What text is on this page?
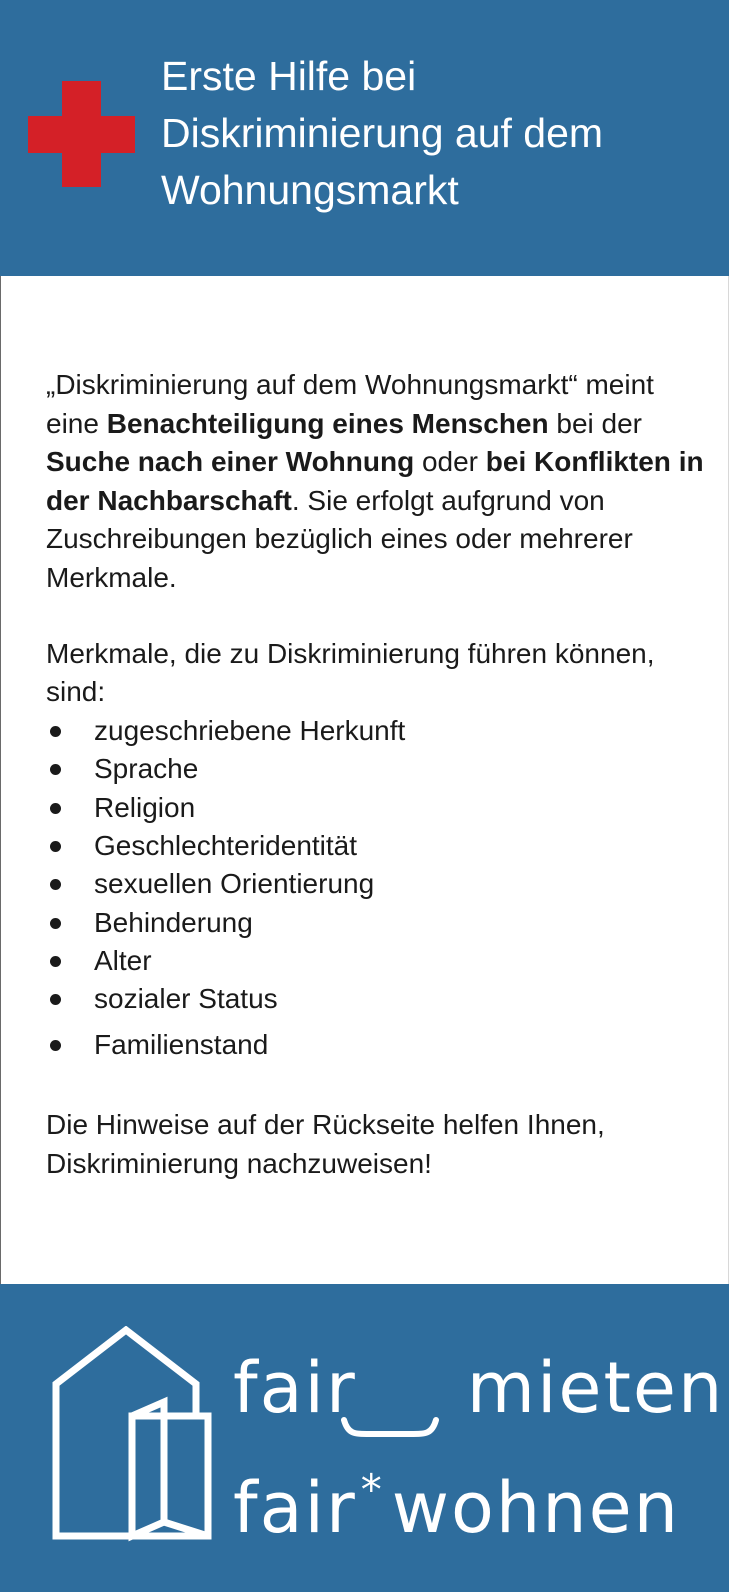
Erste Hilfe bei
Diskriminierung auf dem
Wohnungsmarkt

„Diskriminierung auf dem Wohnungsmarkt“ meint eine Benachteiligung eines Menschen bei der Suche nach einer Wohnung oder bei Konflikten in der Nachbarschaft. Sie erfolgt aufgrund von Zuschreibungen bezüglich eines oder mehrerer Merkmale.

Merkmale, die zu Diskriminierung führen können, sind:

zugeschriebene Herkunft
Sprache
Religion
Geschlechteridentität
sexuellen Orientierung
Behinderung
Alter
sozialer Status
Familienstand

Die Hinweise auf der Rückseite helfen Ihnen, Diskriminierung nachzuweisen!

fair mieten
fair* wohnen
